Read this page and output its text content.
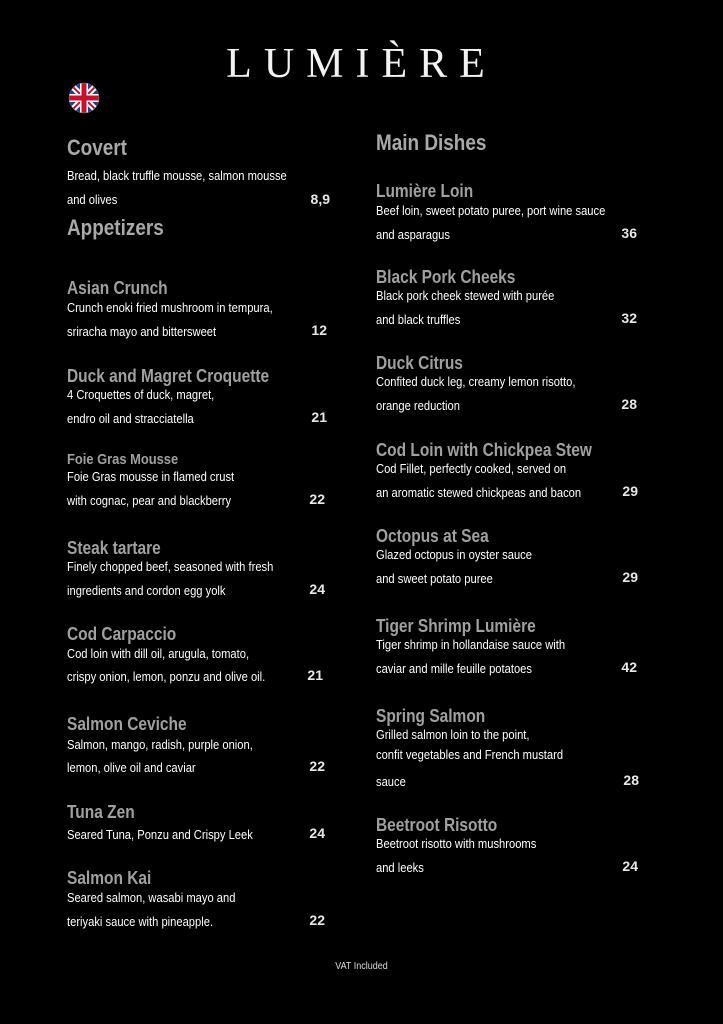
LUMIÈRE
Covert
Bread, black truffle mousse, salmon mousse
and olives	8,9
Appetizers
Asian Crunch
Crunch enoki fried mushroom in tempura,
sriracha mayo and bittersweet	12
Duck and Magret Croquette
4 Croquettes of duck, magret,
endro oil and stracciatella	21
Foie Gras Mousse
Foie Gras mousse in flamed crust
with cognac, pear and blackberry	22
Steak tartare
Finely chopped beef, seasoned with fresh
ingredients and cordon egg yolk	24
Cod Carpaccio
Cod loin with dill oil, arugula, tomato,
crispy onion, lemon, ponzu and olive oil.	21
Salmon Ceviche
Salmon, mango, radish, purple onion,
lemon, olive oil and caviar	22
Tuna Zen
Seared Tuna, Ponzu and Crispy Leek	24
Salmon Kai
Seared salmon, wasabi mayo and
teriyaki sauce with pineapple.	22
Main Dishes
Lumière Loin
Beef loin, sweet potato puree, port wine sauce
and asparagus	36
Black Pork Cheeks
Black pork cheek stewed with purée
and black truffles	32
Duck Citrus
Confited duck leg, creamy lemon risotto,
orange reduction	28
Cod Loin with Chickpea Stew
Cod Fillet, perfectly cooked, served on
an aromatic stewed chickpeas and bacon	29
Octopus at Sea
Glazed octopus in oyster sauce
and sweet potato puree	29
Tiger Shrimp Lumière
Tiger shrimp in hollandaise sauce with
caviar and mille feuille potatoes	42
Spring Salmon
Grilled salmon loin to the point,
confit vegetables and French mustard
sauce	28
Beetroot Risotto
Beetroot risotto with mushrooms
and leeks	24
VAT Included
